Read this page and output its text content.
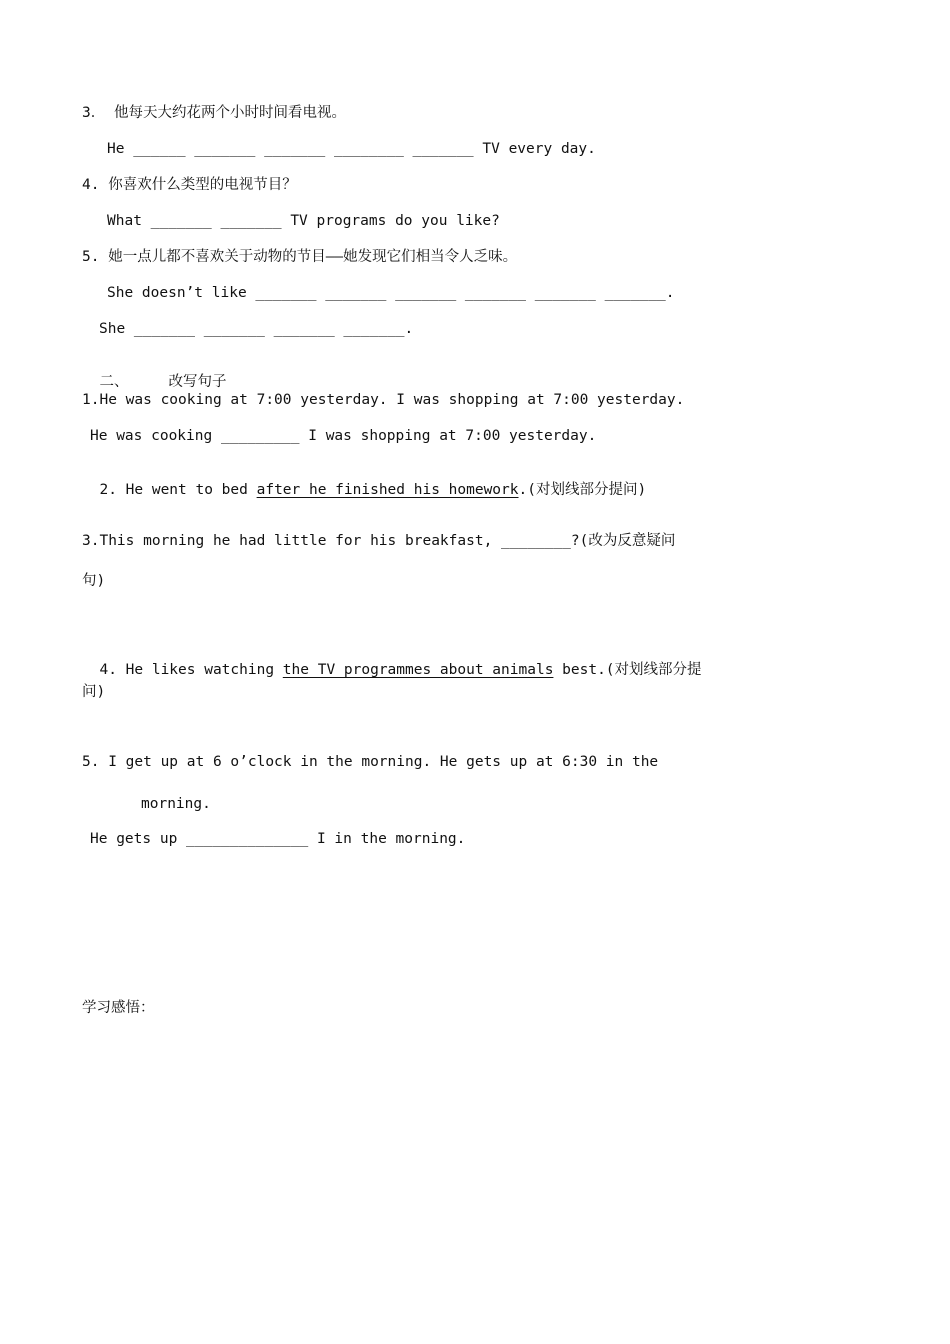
3． 他每天大约花两个小时时间看电视。
He ______ _______ _______ ________ _______ TV every day.
4. 你喜欢什么类型的电视节目？
What _______ _______ TV programs do you like?
5. 她一点儿都不喜欢关于动物的节目——她发现它们相当令人乏味。
She doesn’t like _______ _______ _______ _______ _______ _______.
She _______ _______ _______ _______.

二、	改写句子

1.He was cooking at 7:00 yesterday. I was shopping at 7:00 yesterday.
He was cooking _________ I was shopping at 7:00 yesterday.

2. He went to bed after he finished his homework.(对划线部分提问)

3.This morning he had little for his breakfast, ________?(改为反意疑问
句)

4. He likes watching the TV programmes about animals best.(对划线部分提

问)
5. I get up at 6 o’clock in the morning. He gets up at 6:30 in the
morning.
He gets up ______________ I in the morning.
学习感悟：
